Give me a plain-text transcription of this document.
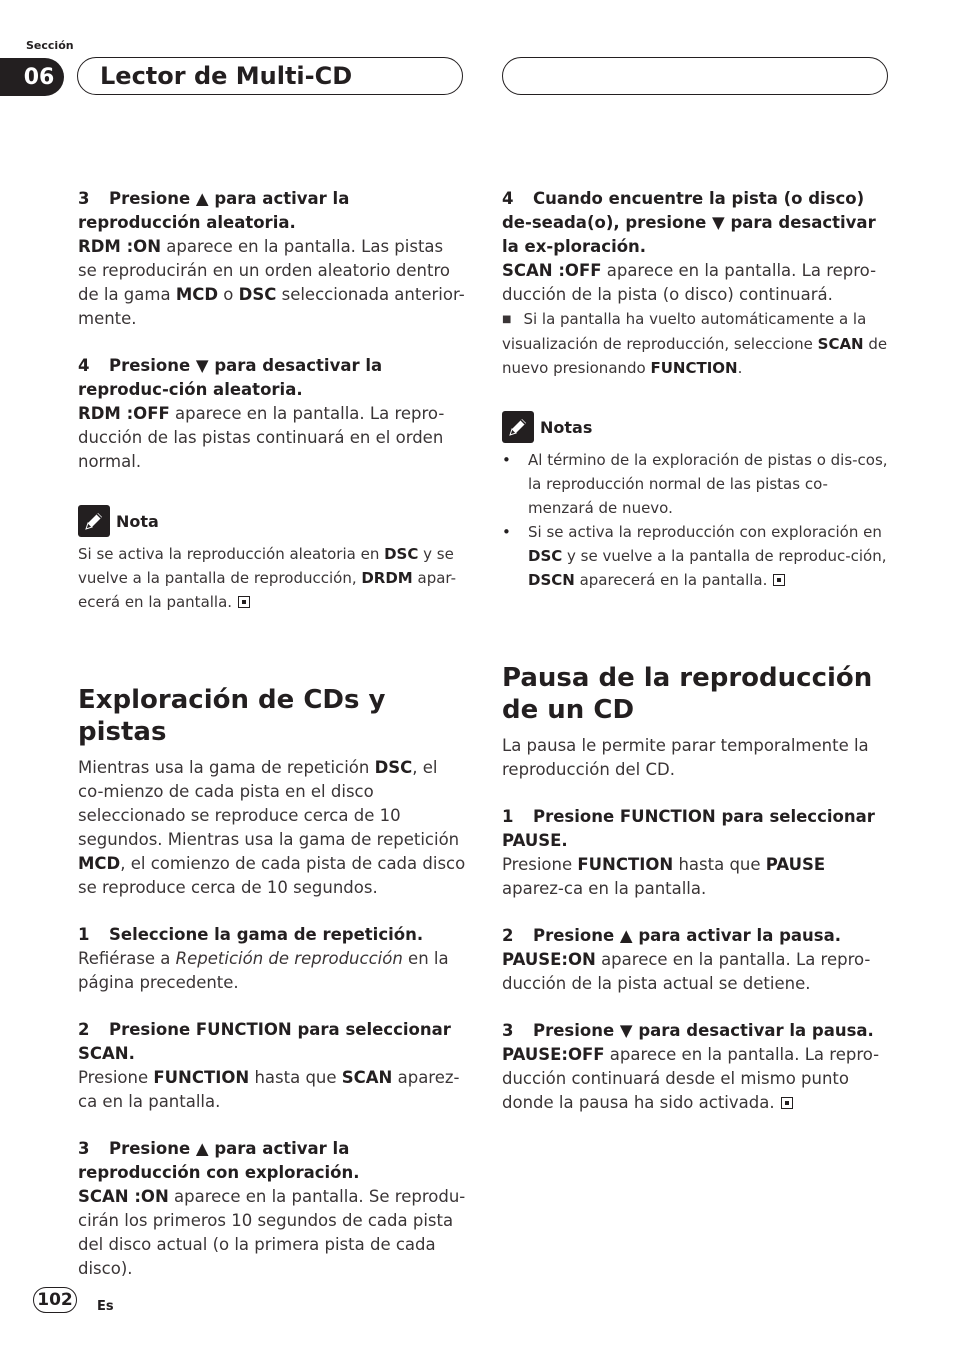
Sección
06	Lector de Multi-CD

3 Presione ▲ para activar la reproducción aleatoria.

RDM :ON aparece en la pantalla. Las pistas se reproducirán en un orden aleatorio dentro de la gama MCD o DSC seleccionada anterior-mente.

4 Presione ▼ para desactivar la reproduc-ción aleatoria.

RDM :OFF aparece en la pantalla. La repro-ducción de las pistas continuará en el orden normal.

Nota

Si se activa la reproducción aleatoria en DSC y se vuelve a la pantalla de reproducción, DRDM apar-ecerá en la pantalla.

Exploración de CDs y pistas

Mientras usa la gama de repetición DSC, el co-mienzo de cada pista en el disco seleccionado se reproduce cerca de 10 segundos. Mientras usa la gama de repetición MCD, el comienzo de cada pista de cada disco se reproduce cerca de 10 segundos.

1 Seleccione la gama de repetición.

Refiérase a Repetición de reproducción en la página precedente.

2 Presione FUNCTION para seleccionar SCAN.

Presione FUNCTION hasta que SCAN aparez-ca en la pantalla.

3 Presione ▲ para activar la reproducción con exploración.

SCAN :ON aparece en la pantalla. Se reprodu-cirán los primeros 10 segundos de cada pista del disco actual (o la primera pista de cada disco).

4 Cuando encuentre la pista (o disco) de-seada(o), presione ▼ para desactivar la ex-ploración.

SCAN :OFF aparece en la pantalla. La repro-ducción de la pista (o disco) continuará.

■ Si la pantalla ha vuelto automáticamente a la visualización de reproducción, seleccione SCAN de nuevo presionando FUNCTION.

Notas
•	Al término de la exploración de pistas o dis-cos, la reproducción normal de las pistas co-menzará de nuevo.

•	Si se activa la reproducción con exploración en DSC y se vuelve a la pantalla de reproduc-ción, DSCN aparecerá en la pantalla.

Pausa de la reproducción de un CD

La pausa le permite parar temporalmente la reproducción del CD.

1 Presione FUNCTION para seleccionar PAUSE.

Presione FUNCTION hasta que PAUSE aparez-ca en la pantalla.

2 Presione ▲ para activar la pausa.

PAUSE:ON aparece en la pantalla. La repro-ducción de la pista actual se detiene.

3 Presione ▼ para desactivar la pausa.

PAUSE:OFF aparece en la pantalla. La repro-ducción continuará desde el mismo punto donde la pausa ha sido activada.

102	Es
